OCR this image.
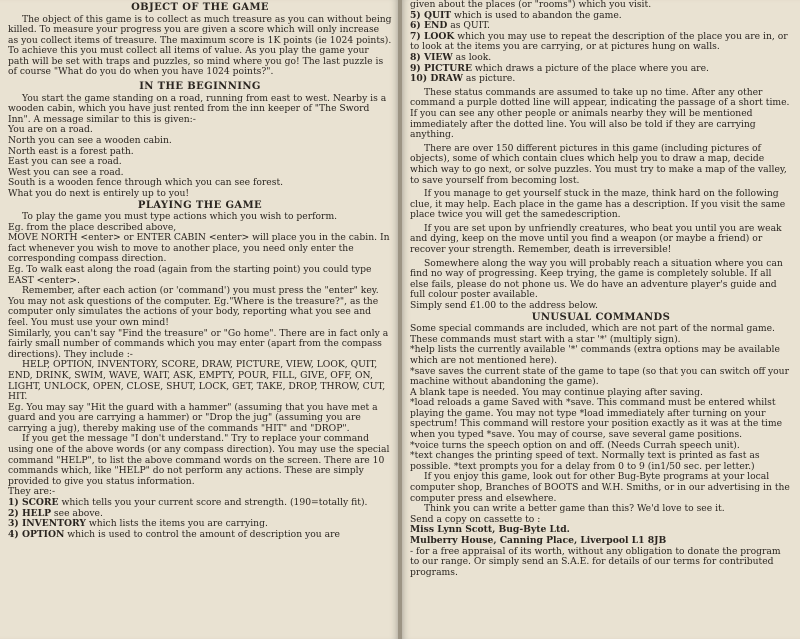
OBJECT OF THE GAME
The object of this game is to collect as much treasure as you can without being killed. To measure your progress you are given a score which will only increase as you collect items of treasure. The maximum score is 1K points (ie 1024 points). To achieve this you must collect all items of value. As you play the game your path will be set with traps and puzzles, so mind where you go! The last puzzle is of course "What do you do when you have 1024 points?".
IN THE BEGINNING
You start the game standing on a road, running from east to west. Nearby is a wooden cabin, which you have just rented from the inn keeper of "The Sword Inn". A message similar to this is given:-
You are on a road.
North you can see a wooden cabin.
North east is a forest path.
East you can see a road.
West you can see a road.
South is a wooden fence through which you can see forest.
What you do next is entirely up to you!
PLAYING THE GAME
To play the game you must type actions which you wish to perform.
Eg. from the place described above,
MOVE NORTH <enter> or ENTER CABIN <enter> will place you in the cabin. In fact whenever you wish to move to another place, you need only enter the corresponding compass direction.
Eg. To walk east along the road (again from the starting point) you could type EAST <enter>.
Remember, after each action (or 'command') you must press the "enter" key. You may not ask questions of the computer. Eg."Where is the treasure?", as the computer only simulates the actions of your body, reporting what you see and feel. You must use your own mind!
Similarly, you can't say "Find the treasure" or "Go home". There are in fact only a fairly small number of commands which you may enter (apart from the compass directions). They include :-
HELP, OPTION, INVENTORY, SCORE, DRAW, PICTURE, VIEW, LOOK, QUIT, END, DRINK, SWIM, WAVE, WAIT, ASK, EMPTY, POUR, FILL, GIVE, OFF, ON, LIGHT, UNLOCK, OPEN, CLOSE, SHUT, LOCK, GET, TAKE, DROP, THROW, CUT, HIT.
Eg. You may say "Hit the guard with a hammer" (assuming that you have met a guard and you are carrying a hammer) or "Drop the jug" (assuming you are carrying a jug), thereby making use of the commands "HIT" and "DROP".
If you get the message "I don't understand." Try to replace your command using one of the above words (or any compass direction). You may use the special command "HELP", to list the above command words on the screen. There are 10 commands which, like "HELP" do not perform any actions. These are simply provided to give you status information.
They are:-
1) SCORE which tells you your current score and strength. (190=totally fit).
2) HELP see above.
3) INVENTORY which lists the items you are carrying.
4) OPTION which is used to control the amount of description you are
given about the places (or "rooms") which you visit.
5) QUIT which is used to abandon the game.
6) END as QUIT.
7) LOOK which you may use to repeat the description of the place you are in, or to look at the items you are carrying, or at pictures hung on walls.
8) VIEW as look.
9) PICTURE which draws a picture of the place where you are.
10) DRAW as picture.
These status commands are assumed to take up no time. After any other command a purple dotted line will appear, indicating the passage of a short time. If you can see any other people or animals nearby they will be mentioned immediately after the dotted line. You will also be told if they are carrying anything.
There are over 150 different pictures in this game (including pictures of objects), some of which contain clues which help you to draw a map, decide which way to go next, or solve puzzles. You must try to make a map of the valley, to save yourself from becoming lost.
If you manage to get yourself stuck in the maze, think hard on the following clue, it may help. Each place in the game has a description. If you visit the same place twice you will get the samedescription.
If you are set upon by unfriendly creatures, who beat you until you are weak and dying, keep on the move until you find a weapon (or maybe a friend) or recover your strength. Remember, death is irreversible!
Somewhere along the way you will probably reach a situation where you can find no way of progressing. Keep trying, the game is completely soluble. If all else fails, please do not phone us. We do have an adventure player's guide and full colour poster available.
Simply send £1.00 to the address below.
UNUSUAL COMMANDS
Some special commands are included, which are not part of the normal game. These commands must start with a star '*' (multiply sign).
*help lists the currently available '*' commands (extra options may be available which are not mentioned here).
*save saves the current state of the game to tape (so that you can switch off your machine without abandoning the game).
A blank tape is needed. You may continue playing after saving.
*load reloads a game Saved with *save. This command must be entered whilst playing the game. You may not type *load immediately after turning on your spectrum! This command will restore your position exactly as it was at the time when you typed *save. You may of course, save several game positions.
*voice turns the speech option on and off. (Needs Currah speech unit).
*text changes the printing speed of text. Normally text is printed as fast as possible. *text prompts you for a delay from 0 to 9 (in1/50 sec. per letter.)
If you enjoy this game, look out for other Bug-Byte programs at your local computer shop, Branches of BOOTS and W.H. Smiths, or in our advertising in the computer press and elsewhere.
Think you can write a better game than this? We'd love to see it.
Send a copy on cassette to :
Miss Lynn Scott, Bug-Byte Ltd.
Mulberry House, Canning Place, Liverpool L1 8JB
- for a free appraisal of its worth, without any obligation to donate the program to our range. Or simply send an S.A.E. for details of our terms for contributed programs.
